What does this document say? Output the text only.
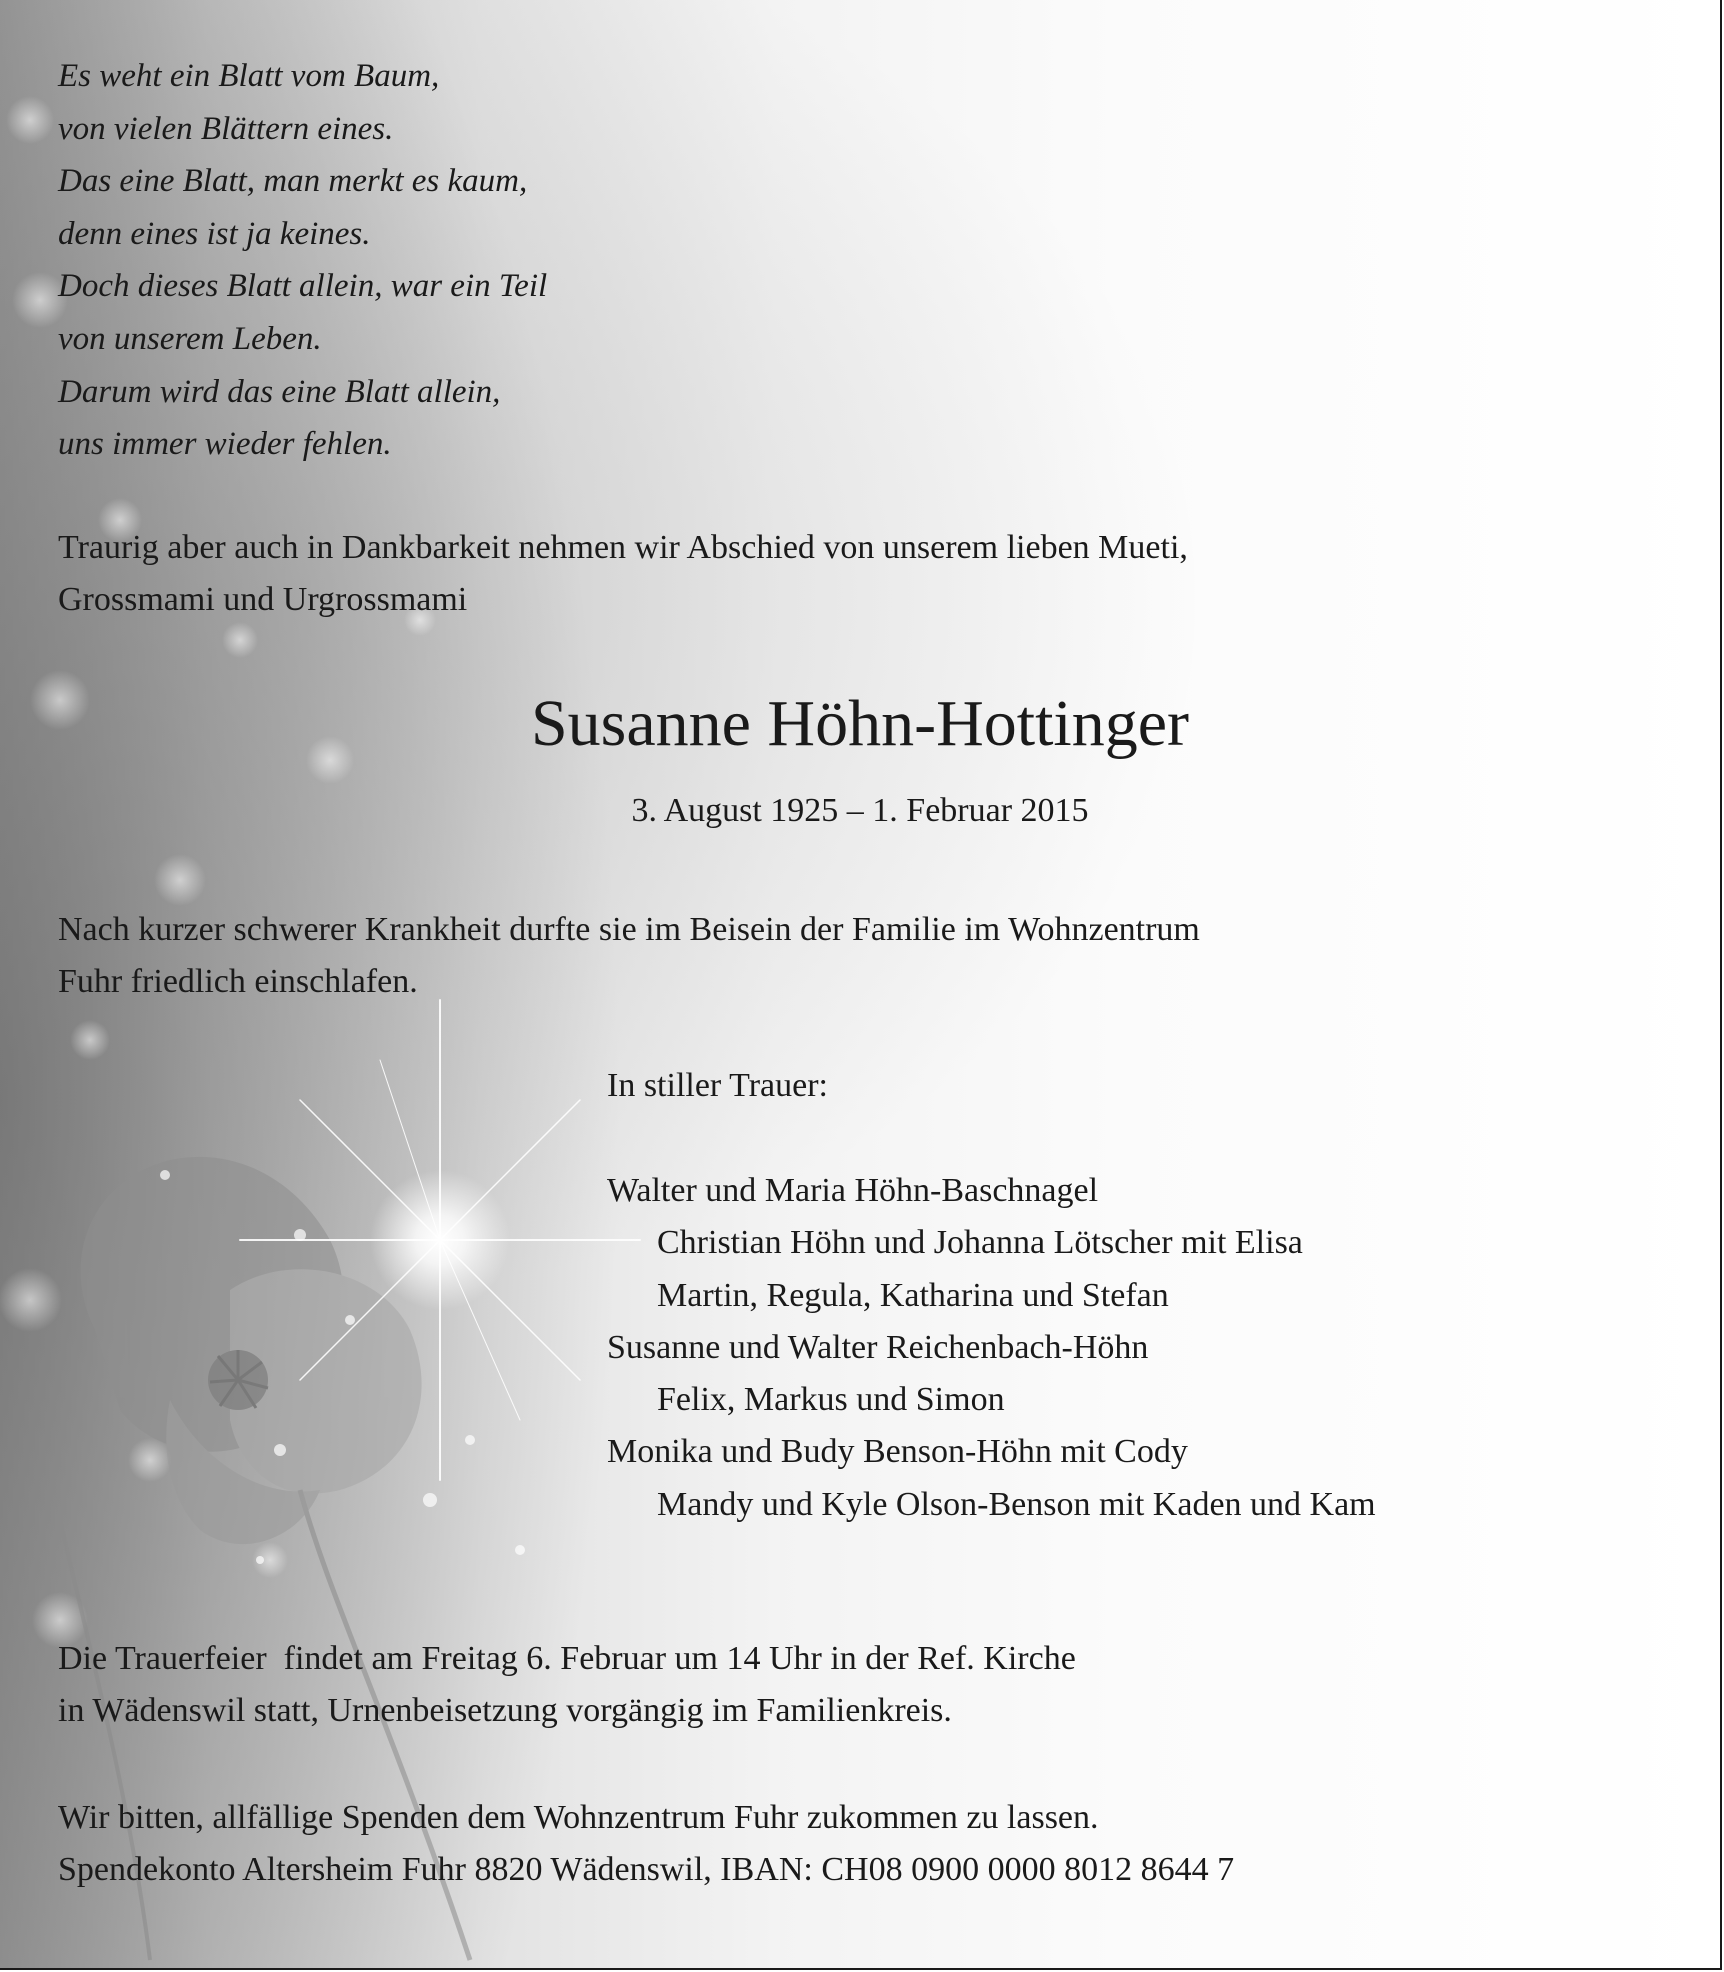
Es weht ein Blatt vom Baum,
von vielen Blättern eines.
Das eine Blatt, man merkt es kaum,
denn eines ist ja keines.
Doch dieses Blatt allein, war ein Teil
von unserem Leben.
Darum wird das eine Blatt allein,
uns immer wieder fehlen.
Traurig aber auch in Dankbarkeit nehmen wir Abschied von unserem lieben Mueti,
Grossmami und Urgrossmami
Susanne Höhn-Hottinger
3. August 1925 – 1. Februar 2015
Nach kurzer schwerer Krankheit durfte sie im Beisein der Familie im Wohnzentrum
Fuhr friedlich einschlafen.
In stiller Trauer:
Walter und Maria Höhn-Baschnagel
Christian Höhn und Johanna Lötscher mit Elisa
Martin, Regula, Katharina und Stefan
Susanne und Walter Reichenbach-Höhn
Felix, Markus und Simon
Monika und Budy Benson-Höhn mit Cody
Mandy und Kyle Olson-Benson mit Kaden und Kam
Die Trauerfeier  findet am Freitag 6. Februar um 14 Uhr in der Ref. Kirche
in Wädenswil statt, Urnenbeisetzung vorgängig im Familienkreis.
Wir bitten, allfällige Spenden dem Wohnzentrum Fuhr zukommen zu lassen.
Spendekonto Altersheim Fuhr 8820 Wädenswil, IBAN: CH08 0900 0000 8012 8644 7
